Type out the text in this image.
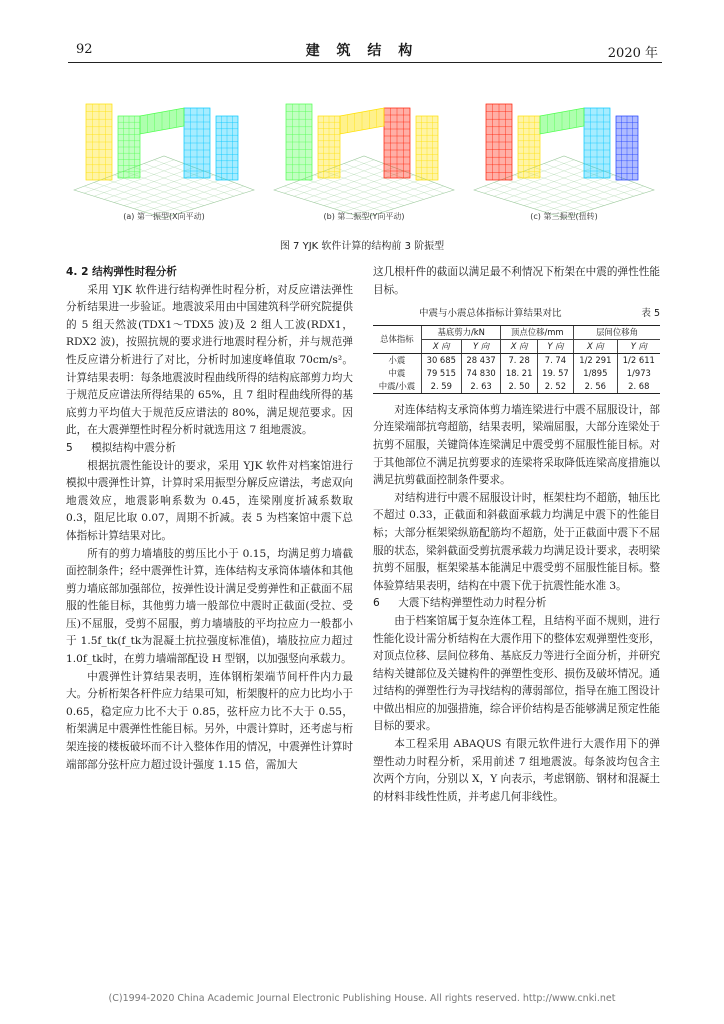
92	建 筑 结 构	2020 年
(a) 第一振型(X向平动)	(b) 第二振型(Y向平动)	(c) 第三振型(扭转)
图 7 YJK 软件计算的结构前 3 阶振型
4. 2 结构弹性时程分析

采用 YJK 软件进行结构弹性时程分析，对反应谱法弹性分析结果进一步验证。地震波采用由中国建筑科学研究院提供的 5 组天然波(TDX1～TDX5 波)及 2 组人工波(RDX1，RDX2 波)，按照抗规的要求进行地震时程分析，并与规范弹性反应谱分析进行了对比，分析时加速度峰值取 70cm/s²。计算结果表明：每条地震波时程曲线所得的结构底部剪力均大于规范反应谱法所得结果的 65%，且 7 组时程曲线所得的基底剪力平均值大于规范反应谱法的 80%，满足规范要求。因此，在大震弹塑性时程分析时就选用这 7 组地震波。

5 模拟结构中震分析

根据抗震性能设计的要求，采用 YJK 软件对档案馆进行模拟中震弹性计算，计算时采用振型分解反应谱法，考虑双向地震效应，地震影响系数为 0.45，连梁刚度折减系数取 0.3，阻尼比取 0.07，周期不折减。表 5 为档案馆中震下总体指标计算结果对比。

所有的剪力墙墙肢的剪压比小于 0.15，均满足剪力墙截面控制条件；经中震弹性计算，连体结构支承筒体墙体和其他剪力墙底部加强部位，按弹性设计满足受剪弹性和正截面不屈服的性能目标，其他剪力墙一般部位中震时正截面(受拉、受压)不屈服，受剪不屈服，剪力墙墙肢的平均拉应力一般都小于 1.5f_tk(f_tk为混凝土抗拉强度标准值)，墙肢拉应力超过 1.0f_tk时，在剪力墙端部配设 H 型钢，以加强竖向承载力。

中震弹性计算结果表明，连体钢桁架端节间杆件内力最大。分析桁架各杆件应力结果可知，桁架腹杆的应力比均小于 0.65，稳定应力比不大于 0.85，弦杆应力比不大于 0.55，桁架满足中震弹性性能目标。另外，中震计算时，还考虑与桁架连接的楼板破坏而不计入整体作用的情况，中震弹性计算时端部部分弦杆应力超过设计强度 1.15 倍，需加大

这几根杆件的截面以满足最不利情况下桁架在中震的弹性性能目标。

中震与小震总体指标计算结果对比	表 5
总体指标	基底剪力/kN		顶点位移/mm		层间位移角	
	X 向	Y 向	X 向	Y 向	X 向	Y 向
小震	30 685	28 437	7. 28	7. 74	1/2 291	1/2 611
中震	79 515	74 830	18. 21	19. 57	1/895	1/973
中震/小震	2. 59	2. 63	2. 50	2. 52	2. 56	2. 68

对连体结构支承筒体剪力墙连梁进行中震不屈服设计，部分连梁端部抗弯超筋，结果表明，梁端屈服，大部分连梁处于抗剪不屈服，关键筒体连梁满足中震受剪不屈服性能目标。对于其他部位不满足抗剪要求的连梁将采取降低连梁高度措施以满足抗剪截面控制条件要求。

对结构进行中震不屈服设计时，框架柱均不超筋，轴压比不超过 0.33，正截面和斜截面承载力均满足中震下的性能目标；大部分框架梁纵筋配筋均不超筋，处于正截面中震下不屈服的状态，梁斜截面受剪抗震承载力均满足设计要求，表明梁抗剪不屈服，框架梁基本能满足中震受剪不屈服性能目标。整体验算结果表明，结构在中震下优于抗震性能水准 3。

6 大震下结构弹塑性动力时程分析

由于档案馆属于复杂连体工程，且结构平面不规则，进行性能化设计需分析结构在大震作用下的整体宏观弹塑性变形，对顶点位移、层间位移角、基底反力等进行全面分析，并研究结构关键部位及关键构件的弹塑性变形、损伤及破坏情况。通过结构的弹塑性行为寻找结构的薄弱部位，指导在施工图设计中做出相应的加强措施，综合评价结构是否能够满足预定性能目标的要求。

本工程采用 ABAQUS 有限元软件进行大震作用下的弹塑性动力时程分析，采用前述 7 组地震波。每条波均包含主次两个方向，分别以 X，Y 向表示，考虑钢筋、钢材和混凝土的材料非线性性质，并考虑几何非线性。

(C)1994-2020 China Academic Journal Electronic Publishing House. All rights reserved. http://www.cnki.net
